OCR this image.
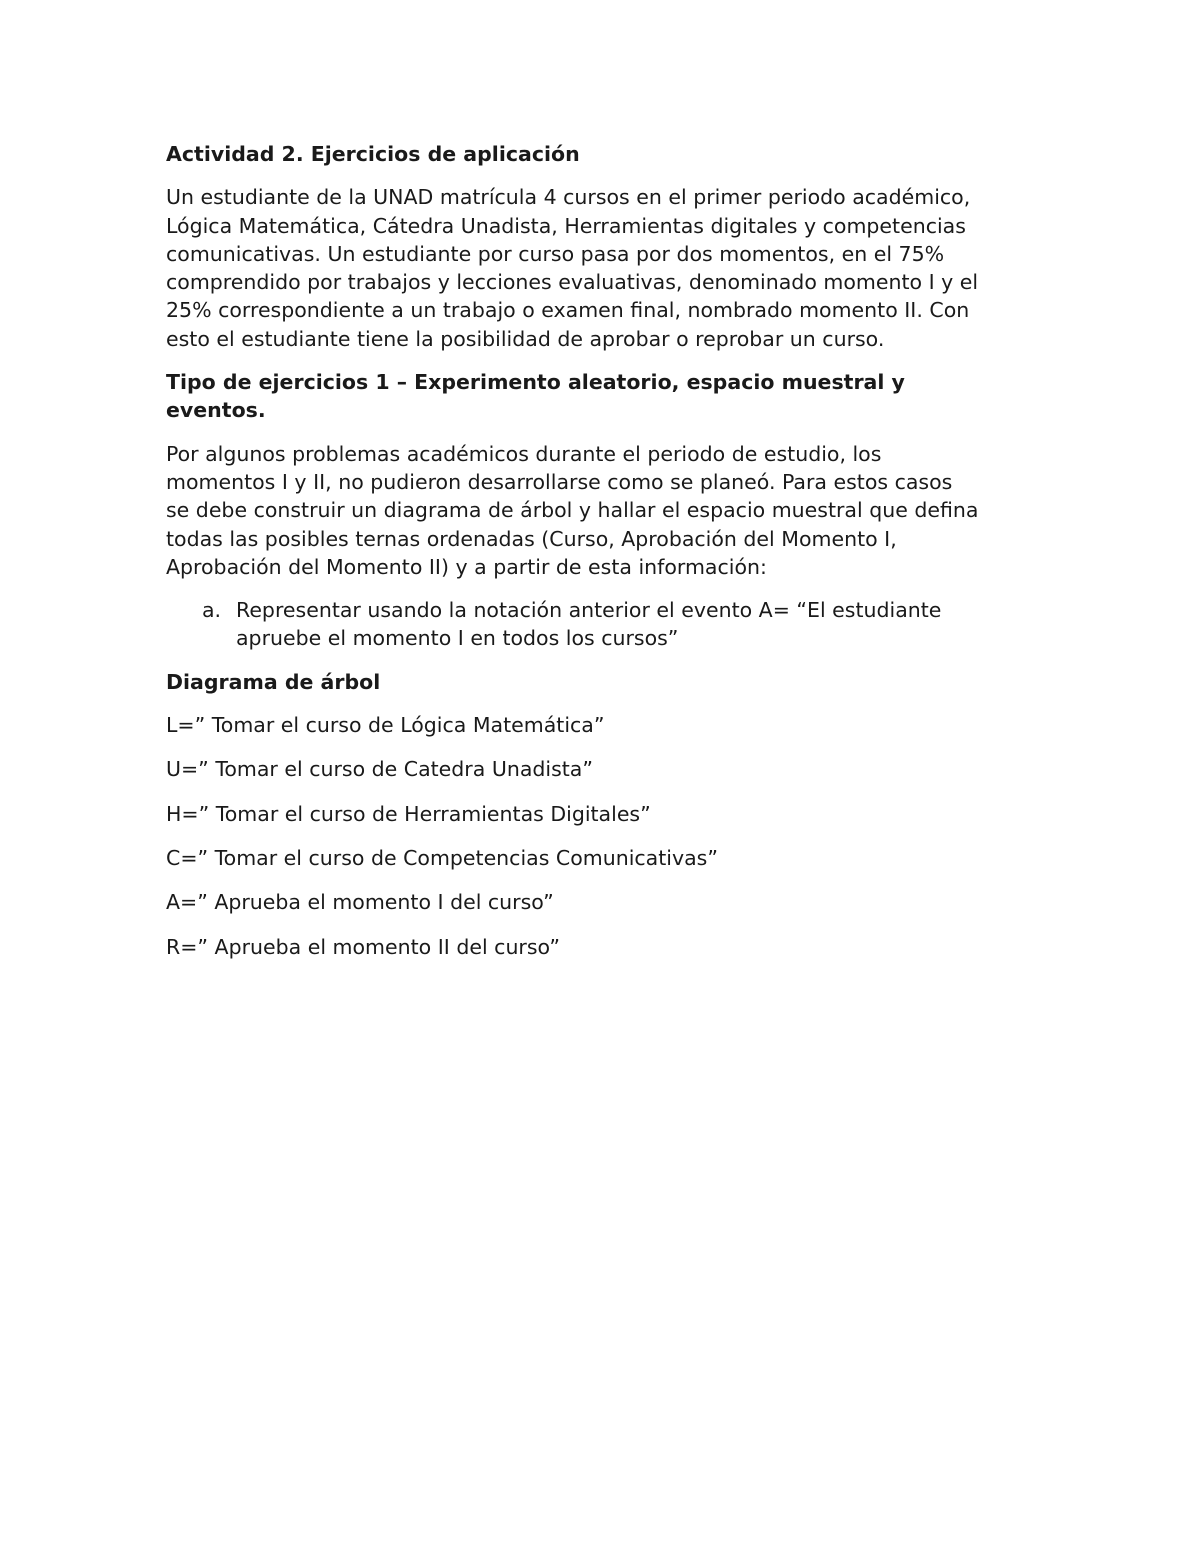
Actividad 2. Ejercicios de aplicación
Un estudiante de la UNAD matrícula 4 cursos en el primer periodo académico,
Lógica Matemática, Cátedra Unadista, Herramientas digitales y competencias
comunicativas. Un estudiante por curso pasa por dos momentos, en el 75%
comprendido por trabajos y lecciones evaluativas, denominado momento I y el
25% correspondiente a un trabajo o examen final, nombrado momento II. Con
esto el estudiante tiene la posibilidad de aprobar o reprobar un curso.
Tipo de ejercicios 1 – Experimento aleatorio, espacio muestral y
eventos.
Por algunos problemas académicos durante el periodo de estudio, los
momentos I y II, no pudieron desarrollarse como se planeó. Para estos casos
se debe construir un diagrama de árbol y hallar el espacio muestral que defina
todas las posibles ternas ordenadas (Curso, Aprobación del Momento I,
Aprobación del Momento II) y a partir de esta información:
a. Representar usando la notación anterior el evento A= “El estudiante
apruebe el momento I en todos los cursos”
Diagrama de árbol
L=” Tomar el curso de Lógica Matemática”
U=” Tomar el curso de Catedra Unadista”
H=” Tomar el curso de Herramientas Digitales”
C=” Tomar el curso de Competencias Comunicativas”
A=” Aprueba el momento I del curso”
R=” Aprueba el momento II del curso”
